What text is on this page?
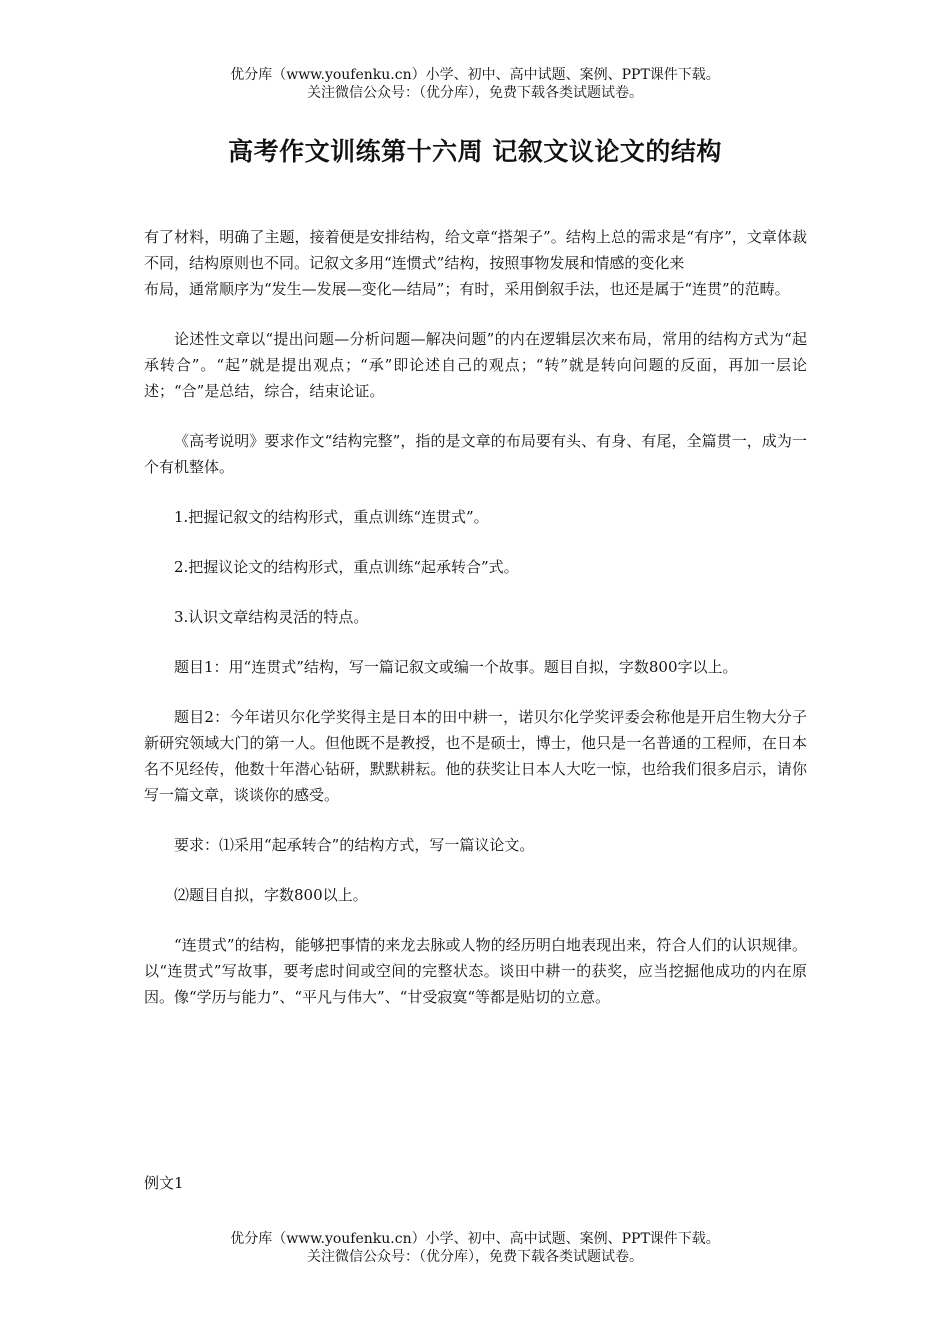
优分库（www.youfenku.cn）小学、初中、高中试题、案例、PPT课件下载。
关注微信公众号：（优分库），免费下载各类试题试卷。
高考作文训练第十六周 记叙文议论文的结构

有了材料，明确了主题，接着便是安排结构，给文章“搭架子”。结构上总的需求是“有序”，文章体裁不同，结构原则也不同。记叙文多用“连惯式”结构，按照事物发展和情感的变化来

布局，通常顺序为“发生—发展—变化—结局”；有时，采用倒叙手法，也还是属于“连贯”的范畴。

论述性文章以“提出问题—分析问题—解决问题”的内在逻辑层次来布局，常用的结构方式为“起承转合”。“起”就是提出观点；“承”即论述自己的观点；“转”就是转向问题的反面，再加一层论述；“合”是总结，综合，结束论证。

《高考说明》要求作文“结构完整”，指的是文章的布局要有头、有身、有尾，全篇贯一，成为一个有机整体。

1.把握记叙文的结构形式，重点训练“连贯式”。

2.把握议论文的结构形式，重点训练“起承转合”式。

3.认识文章结构灵活的特点。

题目1：用“连贯式”结构，写一篇记叙文或编一个故事。题目自拟，字数800字以上。

题目2：今年诺贝尔化学奖得主是日本的田中耕一，诺贝尔化学奖评委会称他是开启生物大分子新研究领域大门的第一人。但他既不是教授，也不是硕士，博士，他只是一名普通的工程师，在日本名不见经传，他数十年潜心钻研，默默耕耘。他的获奖让日本人大吃一惊，也给我们很多启示，请你写一篇文章，谈谈你的感受。

要求：⑴采用“起承转合”的结构方式，写一篇议论文。

⑵题目自拟，字数800以上。

“连贯式”的结构，能够把事情的来龙去脉或人物的经历明白地表现出来，符合人们的认识规律。以“连贯式”写故事，要考虑时间或空间的完整状态。谈田中耕一的获奖，应当挖掘他成功的内在原因。像“学历与能力”、“平凡与伟大”、“甘受寂寞“等都是贴切的立意。

例文1

优分库（www.youfenku.cn）小学、初中、高中试题、案例、PPT课件下载。
关注微信公众号：（优分库），免费下载各类试题试卷。
